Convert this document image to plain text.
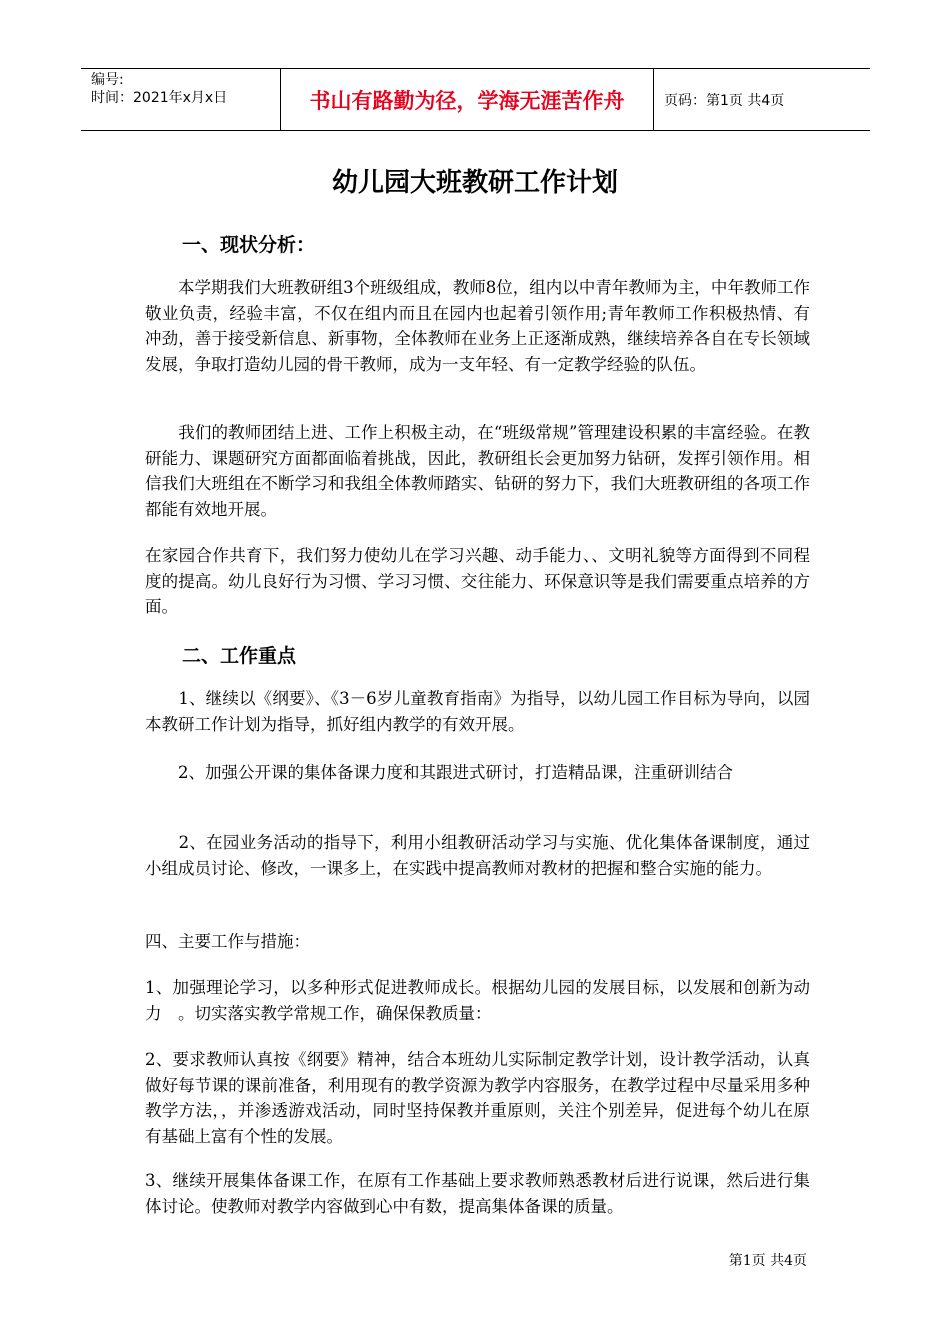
编号:
时间：2021年x月x日	书山有路勤为径，学海无涯苦作舟	页码：第1页 共4页
幼儿园大班教研工作计划
一、现状分析：
　　本学期我们大班教研组3个班级组成，教师8位，组内以中青年教师为主，中年教师工作敬业负责，经验丰富，不仅在组内而且在园内也起着引领作用;青年教师工作积极热情、有冲劲，善于接受新信息、新事物，全体教师在业务上正逐渐成熟，继续培养各自在专长领域发展，争取打造幼儿园的骨干教师，成为一支年轻、有一定教学经验的队伍。
　　我们的教师团结上进、工作上积极主动，在“班级常规”管理建设积累的丰富经验。在教研能力、课题研究方面都面临着挑战，因此，教研组长会更加努力钻研，发挥引领作用。相信我们大班组在不断学习和我组全体教师踏实、钻研的努力下，我们大班教研组的各项工作都能有效地开展。
在家园合作共育下，我们努力使幼儿在学习兴趣、动手能力、、文明礼貌等方面得到不同程度的提高。幼儿良好行为习惯、学习习惯、交往能力、环保意识等是我们需要重点培养的方面。
二、工作重点
　　1、继续以《纲要》、《3－6岁儿童教育指南》为指导，以幼儿园工作目标为导向，以园本教研工作计划为指导，抓好组内教学的有效开展。
　　2、加强公开课的集体备课力度和其跟进式研讨，打造精品课，注重研训结合
　　2、在园业务活动的指导下，利用小组教研活动学习与实施、优化集体备课制度，通过小组成员讨论、修改，一课多上，在实践中提高教师对教材的把握和整合实施的能力。
四、主要工作与措施：
1、加强理论学习，以多种形式促进教师成长。根据幼儿园的发展目标，以发展和创新为动力　。切实落实教学常规工作，确保保教质量：
2、要求教师认真按《纲要》精神，结合本班幼儿实际制定教学计划，设计教学活动，认真做好每节课的课前准备，利用现有的教学资源为教学内容服务，在教学过程中尽量采用多种教学方法，，并渗透游戏活动，同时坚持保教并重原则，关注个别差异，促进每个幼儿在原有基础上富有个性的发展。
3、继续开展集体备课工作，在原有工作基础上要求教师熟悉教材后进行说课，然后进行集体讨论。使教师对教学内容做到心中有数，提高集体备课的质量。
第1页 共4页
